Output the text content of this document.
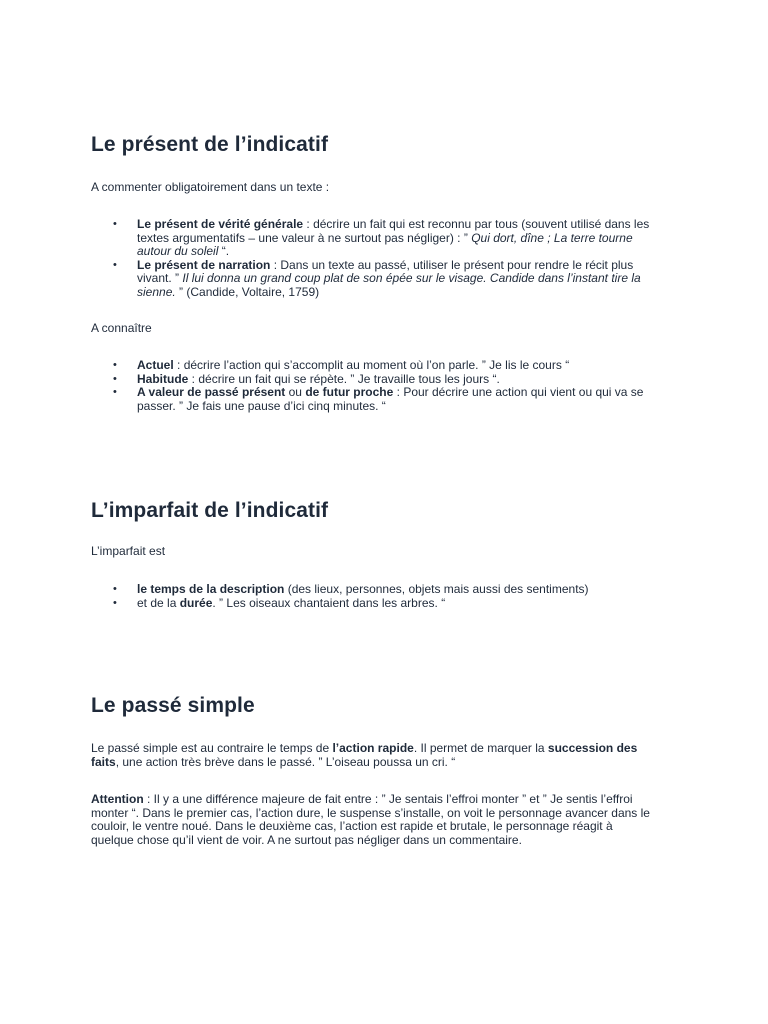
Le présent de l’indicatif

A commenter obligatoirement dans un texte :

• Le présent de vérité générale : décrire un fait qui est reconnu par tous (souvent utilisé dans les textes argumentatifs – une valeur à ne surtout pas négliger) : ” Qui dort, dîne ; La terre tourne autour du soleil “.
• Le présent de narration : Dans un texte au passé, utiliser le présent pour rendre le récit plus vivant. ” Il lui donna un grand coup plat de son épée sur le visage. Candide dans l’instant tire la sienne. ” (Candide, Voltaire, 1759)

A connaître

• Actuel : décrire l’action qui s’accomplit au moment où l’on parle. ” Je lis le cours “
• Habitude : décrire un fait qui se répète. ” Je travaille tous les jours “.
• A valeur de passé présent ou de futur proche : Pour décrire une action qui vient ou qui va se passer. ” Je fais une pause d’ici cinq minutes. “
L’imparfait de l’indicatif

L’imparfait est

• le temps de la description (des lieux, personnes, objets mais aussi des sentiments)
• et de la durée. ” Les oiseaux chantaient dans les arbres. “
Le passé simple

Le passé simple est au contraire le temps de l’action rapide. Il permet de marquer la succession des faits, une action très brève dans le passé. ” L’oiseau poussa un cri. “

Attention : Il y a une différence majeure de fait entre : ” Je sentais l’effroi monter ” et ” Je sentis l’effroi monter “. Dans le premier cas, l’action dure, le suspense s’installe, on voit le personnage avancer dans le couloir, le ventre noué. Dans le deuxième cas, l’action est rapide et brutale, le personnage réagit à quelque chose qu’il vient de voir. A ne surtout pas négliger dans un commentaire.
